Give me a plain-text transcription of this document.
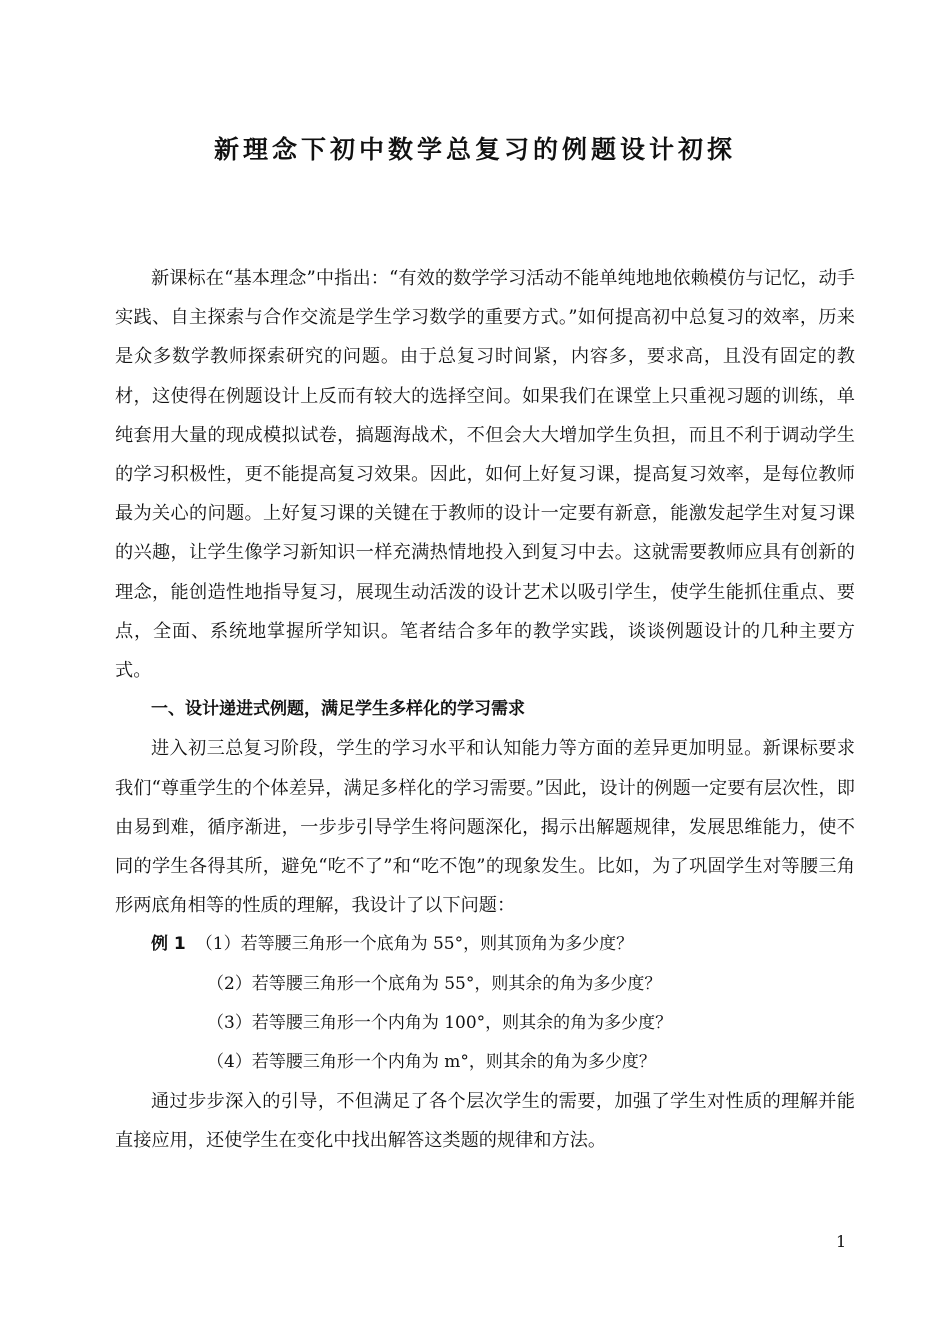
新理念下初中数学总复习的例题设计初探

新课标在“基本理念”中指出：“有效的数学学习活动不能单纯地地依赖模仿与记忆，动手实践、自主探索与合作交流是学生学习数学的重要方式。”如何提高初中总复习的效率，历来是众多数学教师探索研究的问题。由于总复习时间紧，内容多，要求高，且没有固定的教材，这使得在例题设计上反而有较大的选择空间。如果我们在课堂上只重视习题的训练，单纯套用大量的现成模拟试卷，搞题海战术，不但会大大增加学生负担，而且不利于调动学生的学习积极性，更不能提高复习效果。因此，如何上好复习课，提高复习效率，是每位教师最为关心的问题。上好复习课的关键在于教师的设计一定要有新意，能激发起学生对复习课的兴趣，让学生像学习新知识一样充满热情地投入到复习中去。这就需要教师应具有创新的理念，能创造性地指导复习，展现生动活泼的设计艺术以吸引学生，使学生能抓住重点、要点，全面、系统地掌握所学知识。笔者结合多年的教学实践，谈谈例题设计的几种主要方式。

一、设计递进式例题，满足学生多样化的学习需求

进入初三总复习阶段，学生的学习水平和认知能力等方面的差异更加明显。新课标要求我们“尊重学生的个体差异，满足多样化的学习需要。”因此，设计的例题一定要有层次性，即由易到难，循序渐进，一步步引导学生将问题深化，揭示出解题规律，发展思维能力，使不同的学生各得其所，避免“吃不了”和“吃不饱”的现象发生。比如，为了巩固学生对等腰三角形两底角相等的性质的理解，我设计了以下问题：

例 1 （1）若等腰三角形一个底角为 55°，则其顶角为多少度？

（2）若等腰三角形一个底角为 55°，则其余的角为多少度？

（3）若等腰三角形一个内角为 100°，则其余的角为多少度？

（4）若等腰三角形一个内角为 m°，则其余的角为多少度？

通过步步深入的引导，不但满足了各个层次学生的需要，加强了学生对性质的理解并能直接应用，还使学生在变化中找出解答这类题的规律和方法。

1
